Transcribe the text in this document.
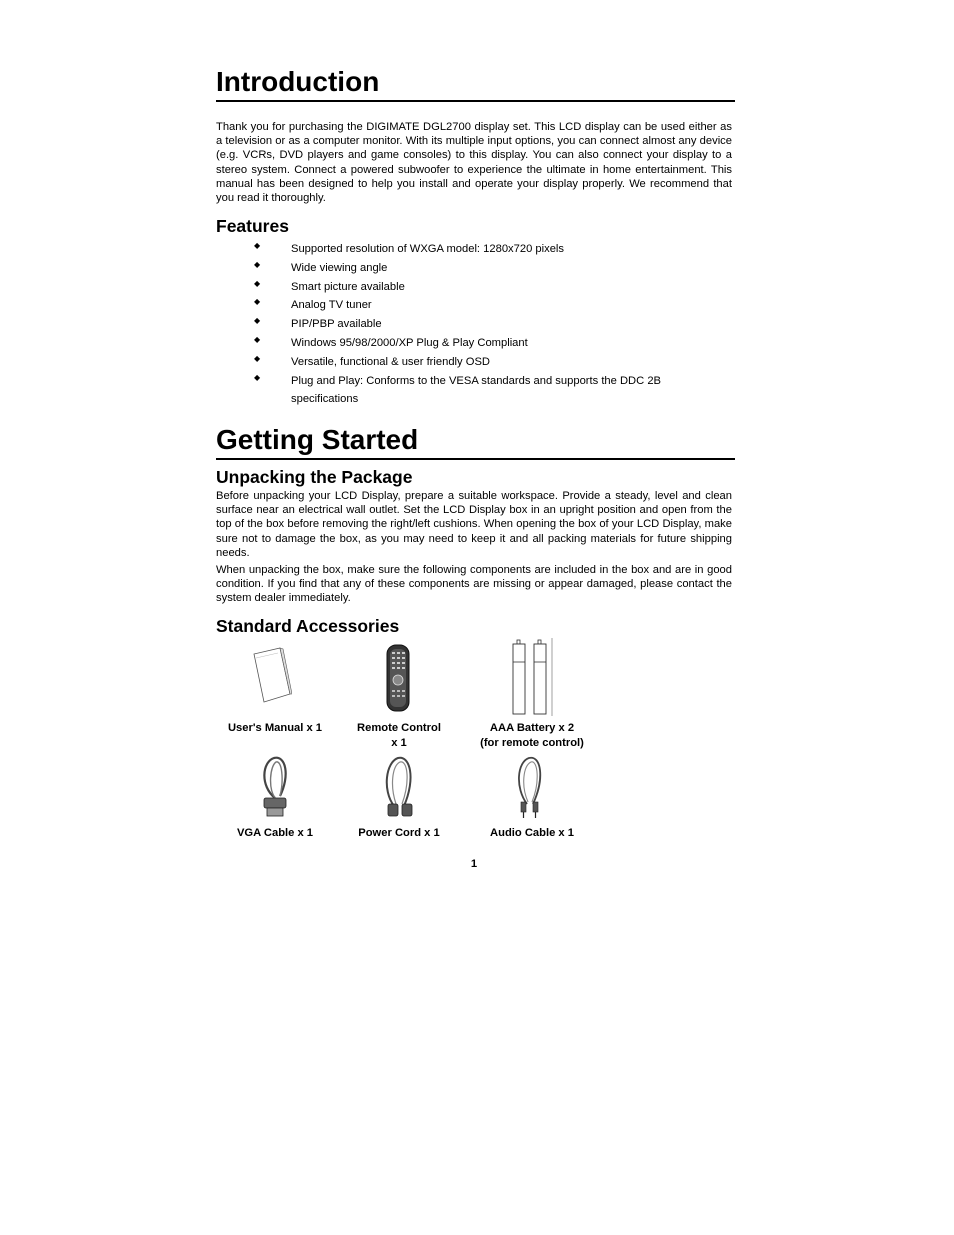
Introduction

Thank you for purchasing the DIGIMATE DGL2700 display set. This LCD display can be used either as a television or as a computer monitor. With its multiple input options, you can connect almost any device (e.g. VCRs, DVD players and game consoles) to this display. You can also connect your display to a stereo system. Connect a powered subwoofer to experience the ultimate in home entertainment. This manual has been designed to help you install and operate your display properly. We recommend that you read it thoroughly.

Features
◆	Supported resolution of WXGA model: 1280x720 pixels
◆	Wide viewing angle
◆	Smart picture available
◆	Analog TV tuner
◆	PIP/PBP available
◆	Windows 95/98/2000/XP Plug & Play Compliant
◆	Versatile, functional & user friendly OSD
◆	Plug and Play: Conforms to the VESA standards and supports the DDC 2B
specifications
Getting Started
Unpacking the Package

Before unpacking your LCD Display, prepare a suitable workspace. Provide a steady, level and clean surface near an electrical wall outlet. Set the LCD Display box in an upright position and open from the top of the box before removing the right/left cushions. When opening the box of your LCD Display, make sure not to damage the box, as you may need to keep it and all packing materials for future shipping needs.

When unpacking the box, make sure the following components are included in the box and are in good condition. If you find that any of these components are missing or appear damaged, please contact the system dealer immediately.

Standard Accessories
User's Manual x 1	Remote Control
x 1
AAA Battery x 2
(for remote control)
VGA Cable x 1	Power Cord x 1	Audio Cable x 1
1
